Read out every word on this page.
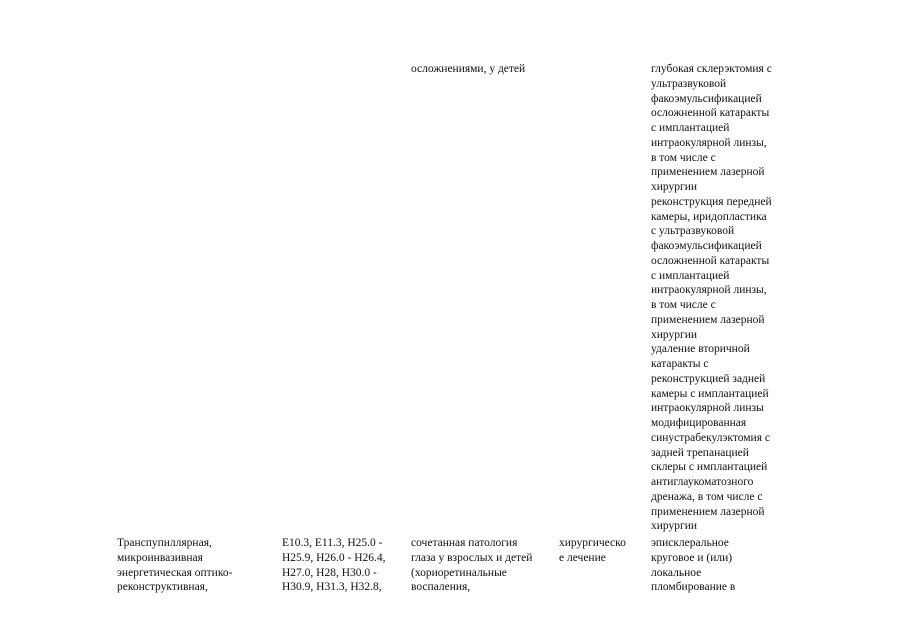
осложнениями, у детей	глубокая склерэктомия с
ультразвуковой
факоэмульсификацией
осложненной катаракты
с имплантацией
интраокулярной линзы,
в том числе с
применением лазерной
хирургии
реконструкция передней
камеры, иридопластика
с ультразвуковой
факоэмульсификацией
осложненной катаракты
с имплантацией
интраокулярной линзы,
в том числе с
применением лазерной
хирургии
удаление вторичной
катаракты с
реконструкцией задней
камеры с имплантацией
интраокулярной линзы
модифицированная
синустрабекулэктомия с
задней трепанацией
склеры с имплантацией
антиглаукоматозного
дренажа, в том числе с
применением лазерной
хирургии
Транспупиллярная,
микроинвазивная
энергетическая оптико-
реконструктивная,
E10.3, E11.3, H25.0 -
H25.9, H26.0 - H26.4,
H27.0, H28, H30.0 -
H30.9, H31.3, H32.8,
сочетанная патология
глаза у взрослых и детей
(хориоретинальные
воспаления,
хирургическо
е лечение
эписклеральное
круговое и (или)
локальное
пломбирование в
